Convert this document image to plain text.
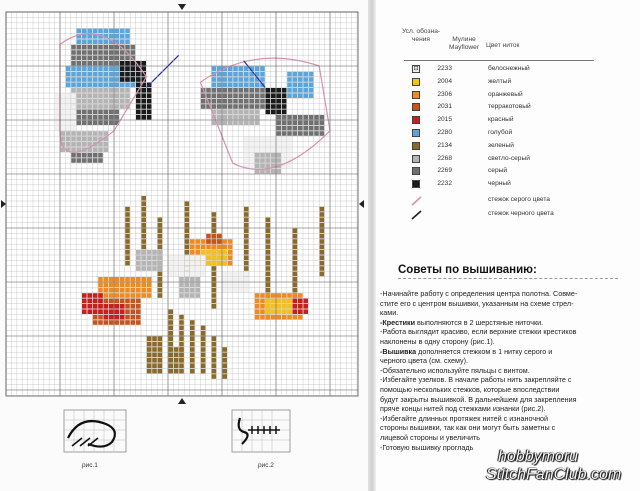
Усл. обозна- чения	Мулине Mayflower	Цвет ниток
⊡	2233	белоснежный
2004	желтый
2306	оранжевый
2031	терракотовый
2015	красный
2280	голубой
2134	зеленый
2268	светло-серый
2269	серый
2232	черный
стежок серого цвета
стежок черного цвета
Советы по вышиванию:
-Начинайте работу с определения центра полотна. Совме-
стите его с центром вышивки, указанным на схеме стрел-
ками.
-Крестики выполняются в 2 шерстяные ниточки.
-Работа выглядит красиво, если верхние стежки крестиков
наклонены в одну сторону (рис.1).
-Вышивка дополняется стежком в 1 нитку серого и
черного цвета (см. схему).
-Обязательно используйте пяльцы с винтом.
-Избегайте узелков. В начале работы нить закрепляйте с
помощью нескольких стежков, которые впоследствии
будут закрыты вышивкой. В дальнейшем для закрепления
пряче концы нитей под стежками изнанки (рис.2).
-Избегайте длинных протяжек нитей с изнаночной
стороны вышивки, так как они могут быть заметны с
лицевой стороны и увеличить
-Готовую вышивку прогладь
рис.1	рис.2
hobbymoru
StitchFanClub.com
